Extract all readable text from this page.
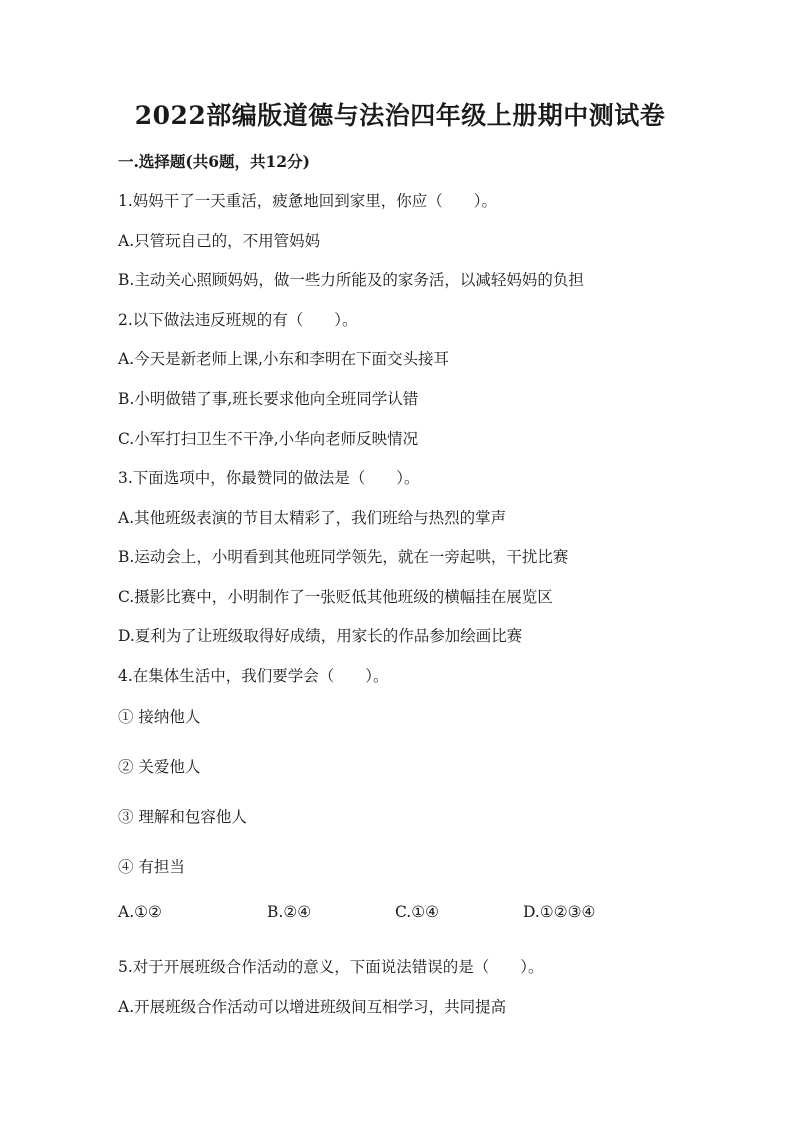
2022部编版道德与法治四年级上册期中测试卷
一.选择题(共6题，共12分)
1.妈妈干了一天重活，疲惫地回到家里，你应（　　）。
A.只管玩自己的，不用管妈妈
B.主动关心照顾妈妈，做一些力所能及的家务活，以减轻妈妈的负担
2.以下做法违反班规的有（　　）。
A.今天是新老师上课,小东和李明在下面交头接耳
B.小明做错了事,班长要求他向全班同学认错
C.小军打扫卫生不干净,小华向老师反映情况
3.下面选项中，你最赞同的做法是（　　）。
A.其他班级表演的节目太精彩了，我们班给与热烈的掌声
B.运动会上，小明看到其他班同学领先，就在一旁起哄，干扰比赛
C.摄影比赛中，小明制作了一张贬低其他班级的横幅挂在展览区
D.夏利为了让班级取得好成绩，用家长的作品参加绘画比赛
4.在集体生活中，我们要学会（　　）。
① 接纳他人
② 关爱他人
③ 理解和包容他人
④ 有担当
A.①②	B.②④	C.①④	D.①②③④
5.对于开展班级合作活动的意义，下面说法错误的是（　　）。
A.开展班级合作活动可以增进班级间互相学习，共同提高
